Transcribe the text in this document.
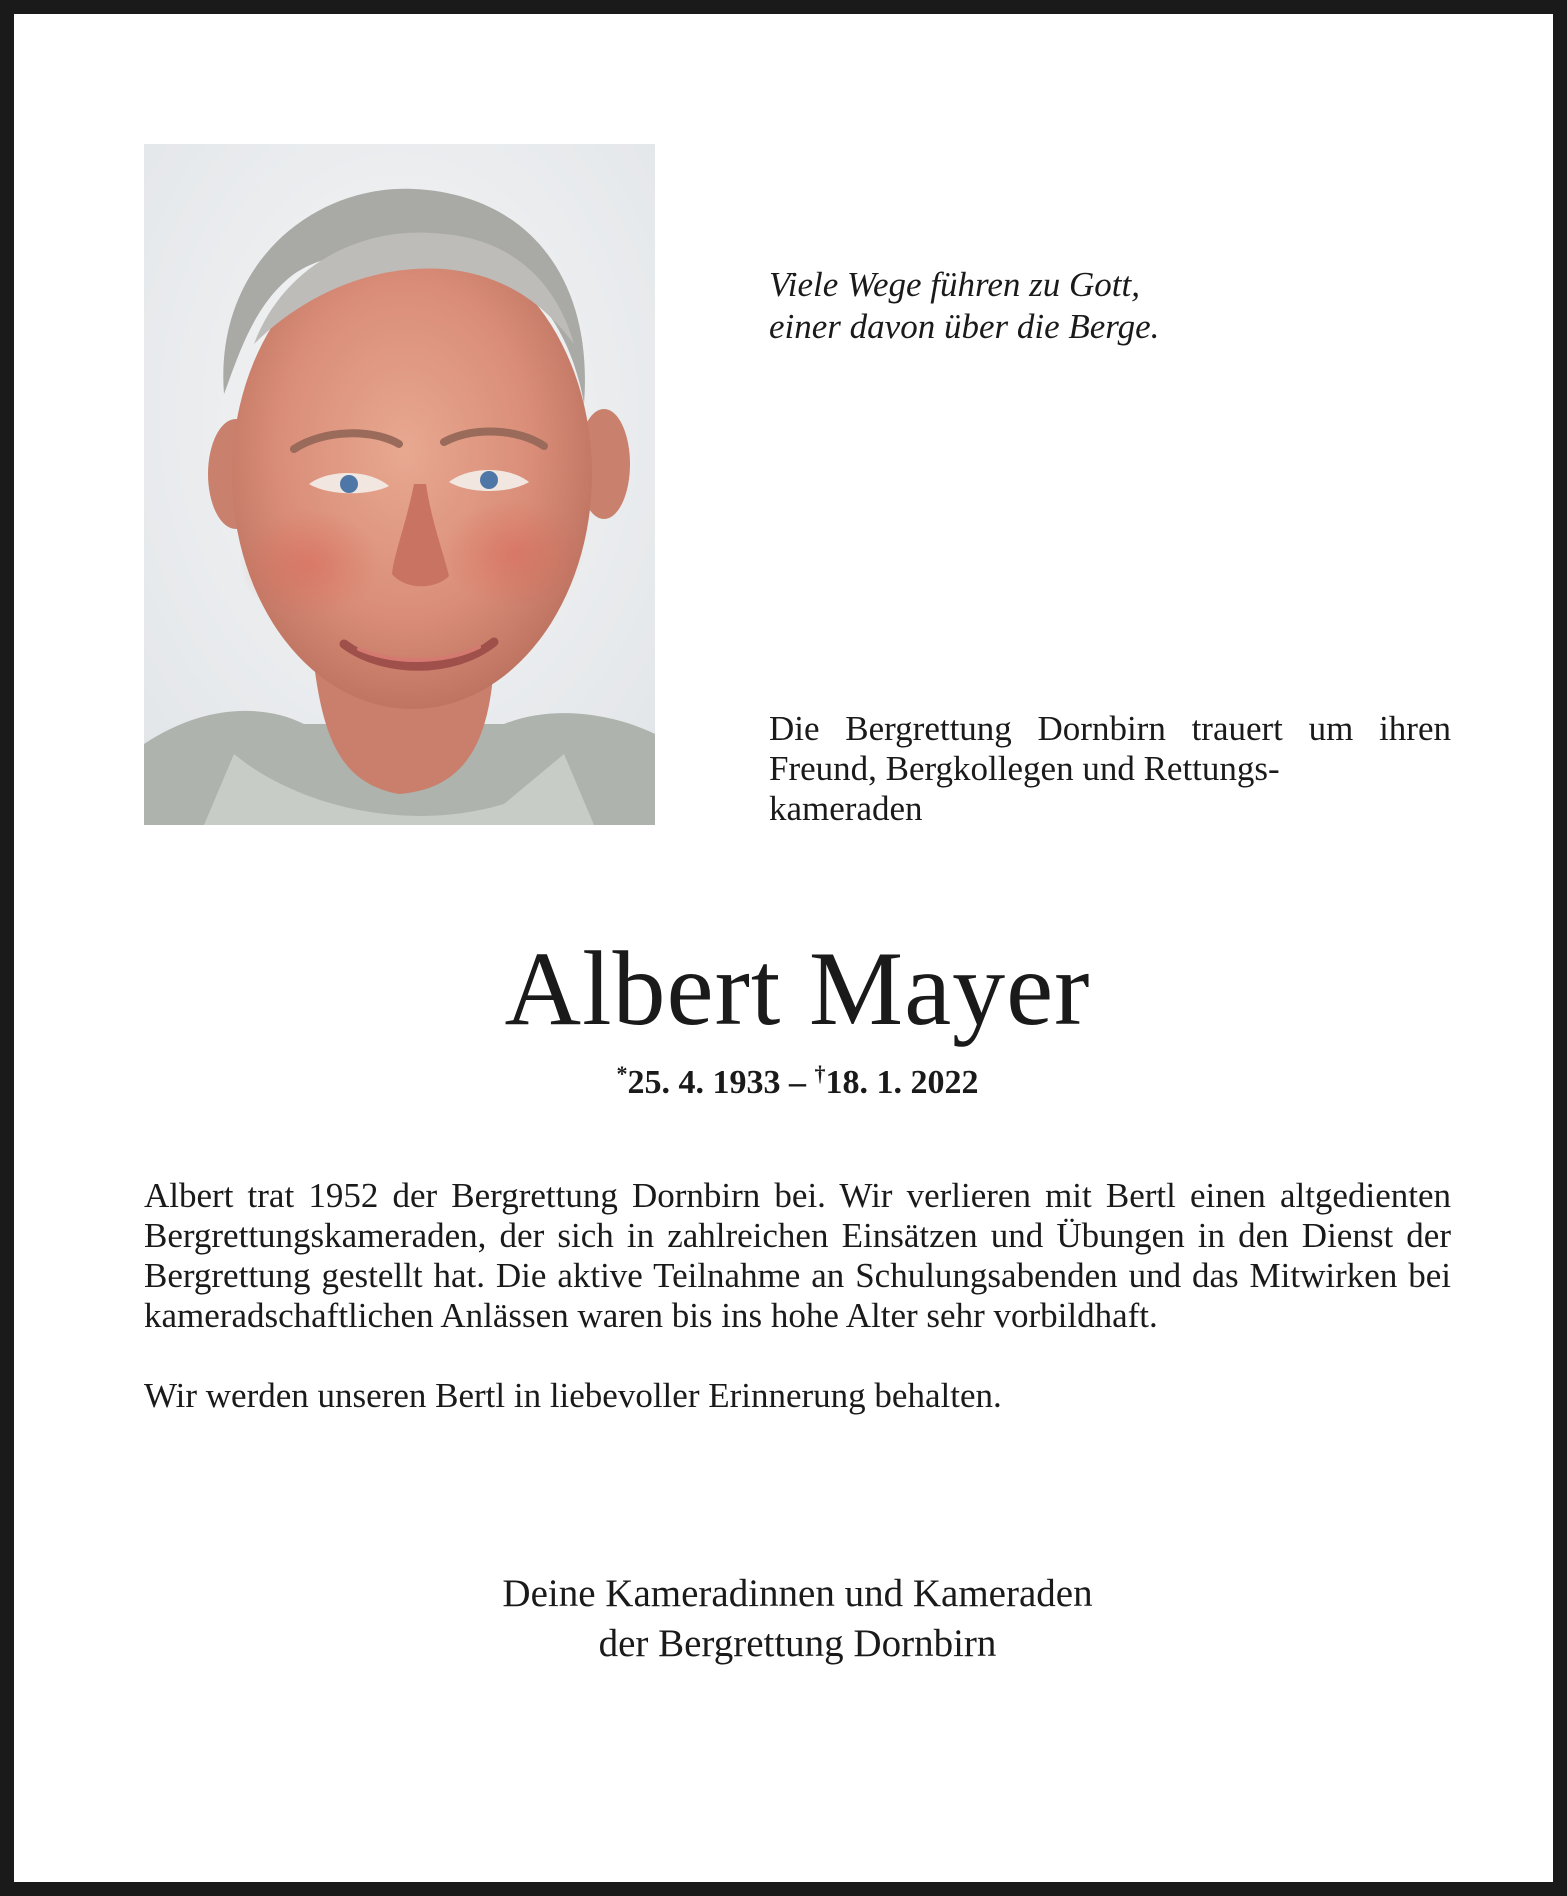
Viele Wege führen zu Gott,
einer davon über die Berge.
Die Bergrettung Dornbirn trauert um ihren Freund, Bergkollegen und Rettungs-
kameraden
Albert Mayer
*25. 4. 1933 – †18. 1. 2022

Albert trat 1952 der Bergrettung Dornbirn bei. Wir verlieren mit Bertl einen altgedienten Bergrettungskameraden, der sich in zahlreichen Einsätzen und Übungen in den Dienst der Bergrettung gestellt hat. Die aktive Teilnahme an Schulungsabenden und das Mitwirken bei kameradschaftlichen Anlässen waren bis ins hohe Alter sehr vorbildhaft.

Wir werden unseren Bertl in liebevoller Erinnerung behalten.

Deine Kameradinnen und Kameraden
der Bergrettung Dornbirn
